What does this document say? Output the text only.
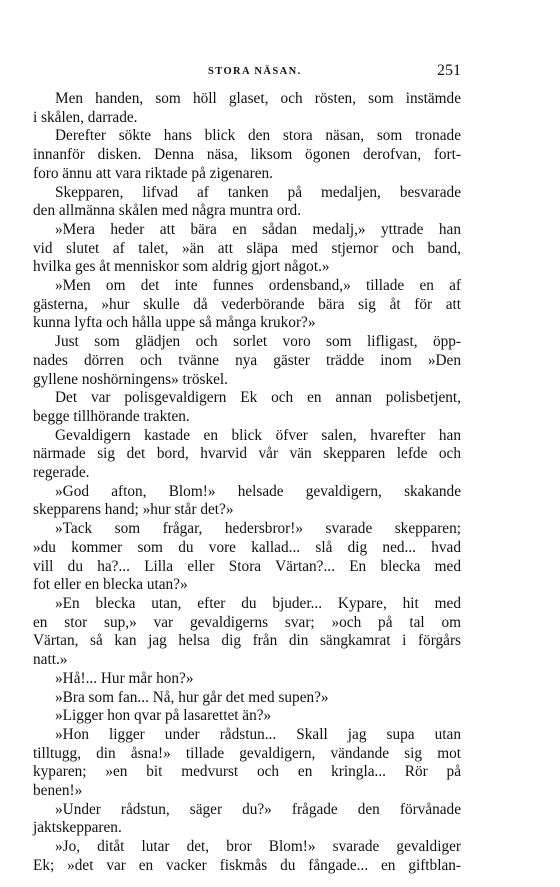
STORA NÄSAN.	251
Men handen, som höll glaset, och rösten, som instämde
i skålen, darrade.
Derefter sökte hans blick den stora näsan, som tronade
innanför disken. Denna näsa, liksom ögonen derofvan, fort-
foro ännu att vara riktade på zigenaren.
Skepparen, lifvad af tanken på medaljen, besvarade
den allmänna skålen med några muntra ord.
»Mera heder att bära en sådan medalj,» yttrade han
vid slutet af talet, »än att släpa med stjernor och band,
hvilka ges åt menniskor som aldrig gjort något.»
»Men om det inte funnes ordensband,» tillade en af
gästerna, »hur skulle då vederbörande bära sig åt för att
kunna lyfta och hålla uppe så många krukor?»
Just som glädjen och sorlet voro som lifligast, öpp-
nades dörren och tvänne nya gäster trädde inom »Den
gyllene noshörningens» tröskel.
Det var polisgevaldigern Ek och en annan polisbetjent,
begge tillhörande trakten.
Gevaldigern kastade en blick öfver salen, hvarefter han
närmade sig det bord, hvarvid vår vän skepparen lefde och
regerade.
»God afton, Blom!» helsade gevaldigern, skakande
skepparens hand; »hur står det?»
»Tack som frågar, hedersbror!» svarade skepparen;
»du kommer som du vore kallad... slå dig ned... hvad
vill du ha?... Lilla eller Stora Värtan?... En blecka med
fot eller en blecka utan?»
»En blecka utan, efter du bjuder... Kypare, hit med
en stor sup,» var gevaldigerns svar; »och på tal om
Värtan, så kan jag helsa dig från din sängkamrat i förgårs
natt.»
»Hå!... Hur mår hon?»
»Bra som fan... Nå, hur går det med supen?»
»Ligger hon qvar på lasarettet än?»
»Hon ligger under rådstun... Skall jag supa utan
tilltugg, din åsna!» tillade gevaldigern, vändande sig mot
kyparen; »en bit medvurst och en kringla... Rör på
benen!»
»Under rådstun, säger du?» frågade den förvånade
jaktskepparen.
»Jo, ditåt lutar det, bror Blom!» svarade gevaldiger
Ek; »det var en vacker fiskmås du fångade... en giftblan-
